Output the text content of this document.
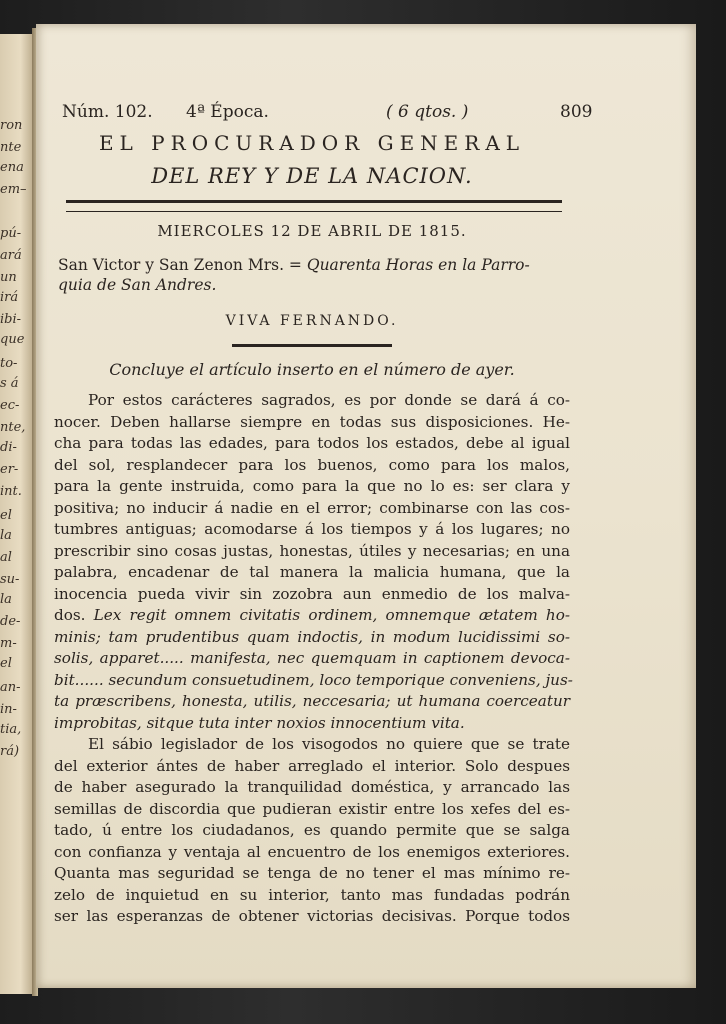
ron
nte
ena
em–
pú-
ará
un
irá
ibi-
que
to-
s á
ec-
nte,
di-
er-
int.
el
la
al
su-
la
de-
m-
el
an-
in-
tia,
rá)
Núm. 102. 4ª Época.	( 6 qtos. )	809
EL PROCURADOR GENERAL
DEL REY Y DE LA NACION.
MIERCOLES 12 DE ABRIL DE 1815.
San Victor y San Zenon Mrs. = Quarenta Horas en la Parro-
quia de San Andres.
VIVA FERNANDO.
Concluye el artículo inserto en el número de ayer.
Por estos carácteres sagrados, es por donde se dará á co-
nocer. Deben hallarse siempre en todas sus disposiciones. He-
cha para todas las edades, para todos los estados, debe al igual
del sol, resplandecer para los buenos, como para los malos,
para la gente instruida, como para la que no lo es: ser clara y
positiva; no inducir á nadie en el error; combinarse con las cos-
tumbres antiguas; acomodarse á los tiempos y á los lugares; no
prescribir sino cosas justas, honestas, útiles y necesarias; en una
palabra, encadenar de tal manera la malicia humana, que la
inocencia pueda vivir sin zozobra aun enmedio de los malva-
dos. Lex regit omnem civitatis ordinem, omnemque ætatem ho-
minis; tam prudentibus quam indoctis, in modum lucidissimi so-
solis, apparet..... manifesta, nec quemquam in captionem devoca-
bit...... secundum consuetudinem, loco temporique conveniens, jus-
ta præscribens, honesta, utilis, neccesaria; ut humana coerceatur
improbitas, sitque tuta inter noxios innocentium vita.
El sábio legislador de los visogodos no quiere que se trate
del exterior ántes de haber arreglado el interior. Solo despues
de haber asegurado la tranquilidad doméstica, y arrancado las
semillas de discordia que pudieran existir entre los xefes del es-
tado, ú entre los ciudadanos, es quando permite que se salga
con confianza y ventaja al encuentro de los enemigos exteriores.
Quanta mas seguridad se tenga de no tener el mas mínimo re-
zelo de inquietud en su interior, tanto mas fundadas podrán
ser las esperanzas de obtener victorias decisivas. Porque todos
